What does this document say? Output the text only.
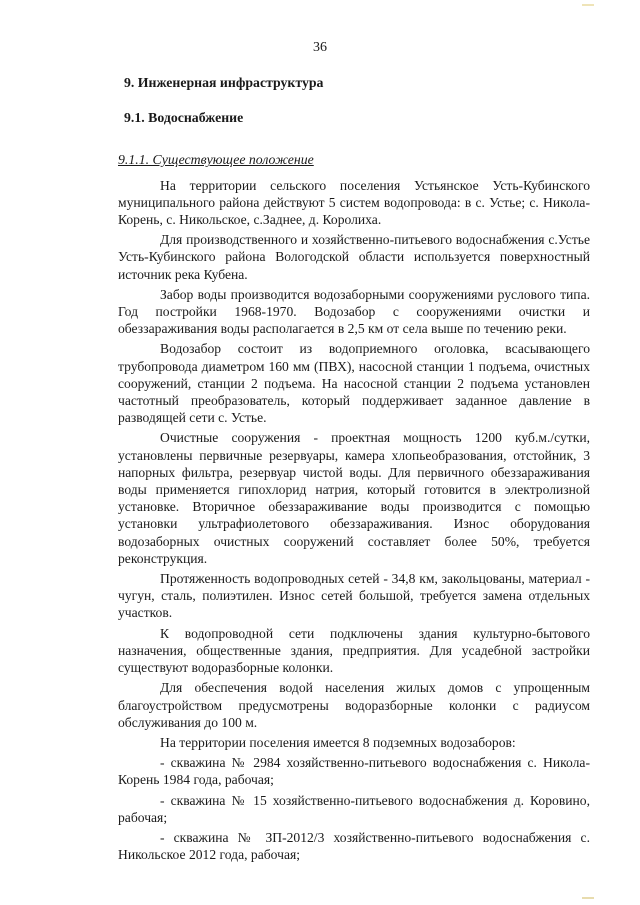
36
9. Инженерная инфраструктура
9.1. Водоснабжение
9.1.1. Существующее положение

На территории сельского поселения Устьянское Усть-Кубинского муниципального района действуют 5 систем водопровода: в с. Устье; с. Никола-Корень, с. Никольское, с.Заднее, д. Королиха.

Для производственного и хозяйственно-питьевого водоснабжения с.Устье Усть-Кубинского района Вологодской области используется поверхностный источник река Кубена.

Забор воды производится водозаборными сооружениями руслового типа. Год постройки 1968-1970. Водозабор с сооружениями очистки и обеззараживания воды располагается в 2,5 км от села выше по течению реки.

Водозабор состоит из водоприемного оголовка, всасывающего трубопровода диаметром 160 мм (ПВХ), насосной станции 1 подъема, очистных сооружений, станции 2 подъема. На насосной станции 2 подъема установлен частотный преобразователь, который поддерживает заданное давление в разводящей сети с. Устье.

Очистные сооружения - проектная мощность 1200 куб.м./сутки, установлены первичные резервуары, камера хлопьеобразования, отстойник, 3 напорных фильтра, резервуар чистой воды. Для первичного обеззараживания воды применяется гипохлорид натрия, который готовится в электролизной установке. Вторичное обеззараживание воды производится с помощью установки ультрафиолетового обеззараживания. Износ оборудования водозаборных очистных сооружений составляет более 50%, требуется реконструкция.

Протяженность водопроводных сетей - 34,8 км, закольцованы, материал - чугун, сталь, полиэтилен. Износ сетей большой, требуется замена отдельных участков.

К водопроводной сети подключены здания культурно-бытового назначения, общественные здания, предприятия. Для усадебной застройки существуют водоразборные колонки.

Для обеспечения водой населения жилых домов с упрощенным благоустройством предусмотрены водоразборные колонки с радиусом обслуживания до 100 м.

На территории поселения имеется 8 подземных водозаборов:

- скважина № 2984 хозяйственно-питьевого водоснабжения с. Никола-Корень 1984 года, рабочая;

- скважина № 15 хозяйственно-питьевого водоснабжения д. Коровино, рабочая;

- скважина № ЗП-2012/3 хозяйственно-питьевого водоснабжения с. Никольское 2012 года, рабочая;
